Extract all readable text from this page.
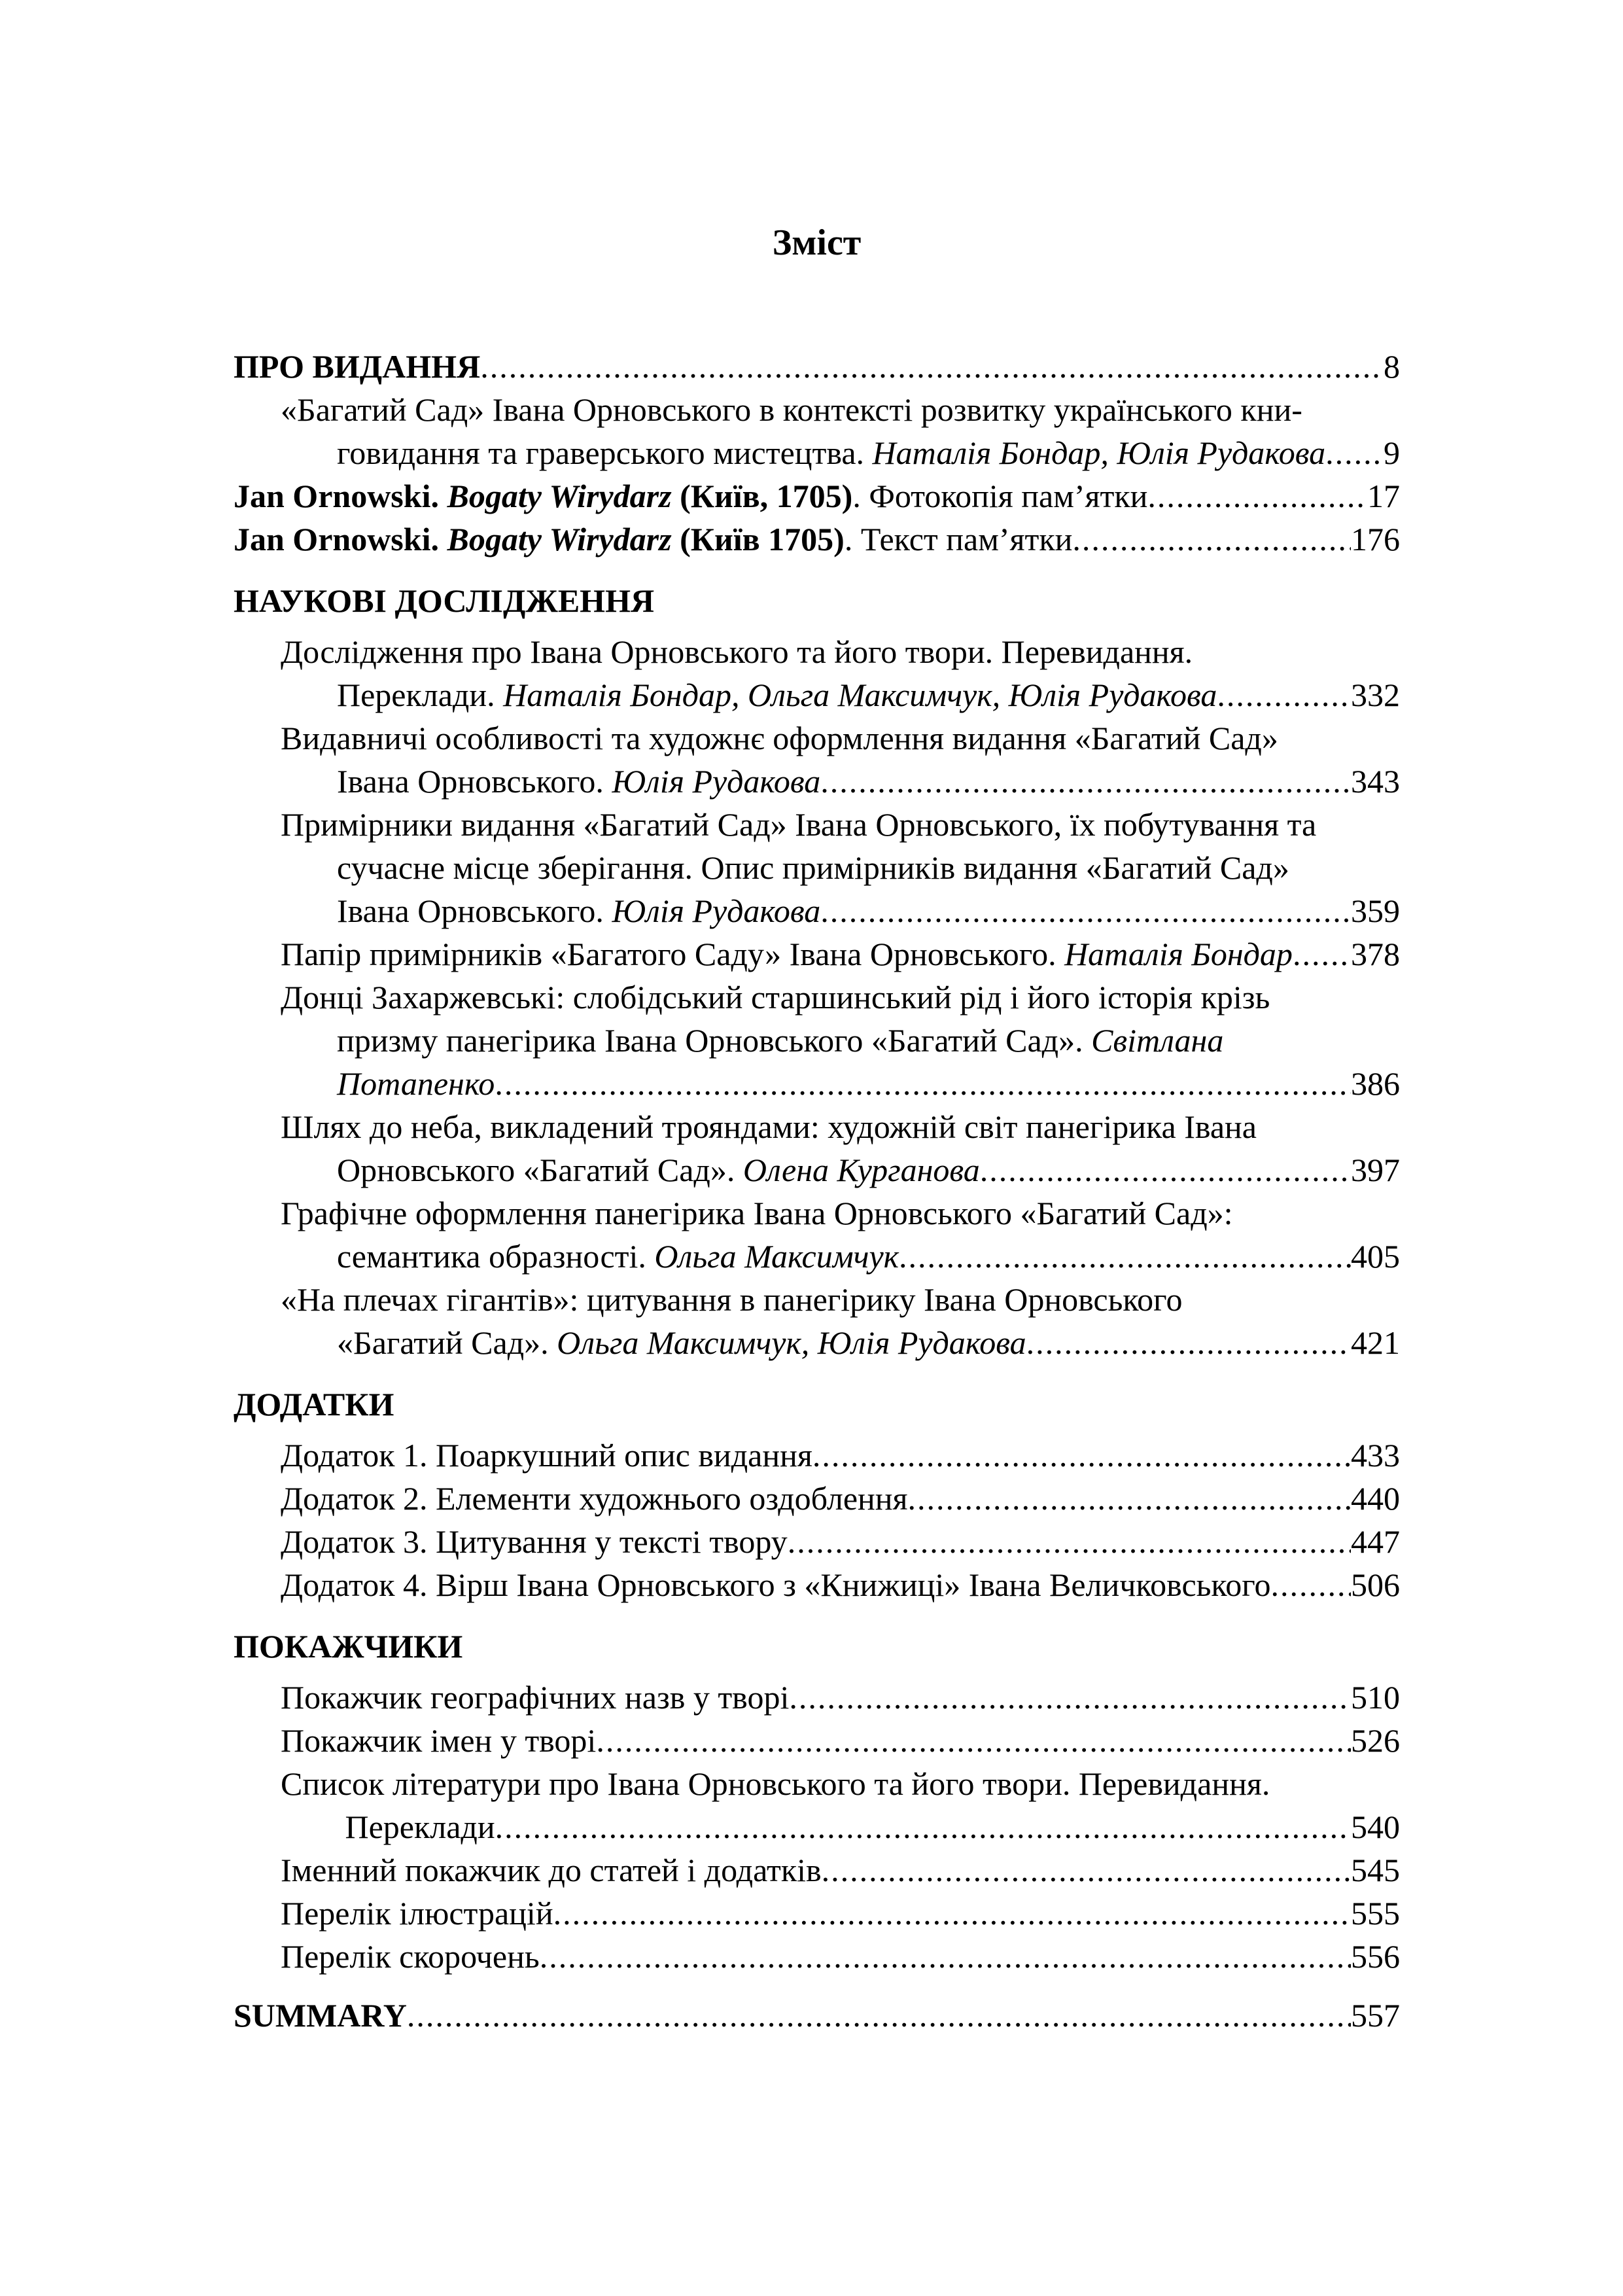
Зміст
ПРО ВИДАННЯ .....	8
«Багатий Сад» Івана Орновського в контексті розвитку українського кни-
говидання та граверського мистецтва. Наталія Бондар, Юлія Рудакова ..... 9
Jan Ornowski. Bogaty Wirydarz (Київ, 1705). Фотокопія пам’ятки .....	17
Jan Ornowski. Bogaty Wirydarz (Київ 1705). Текст пам’ятки .....	176
НАУКОВІ ДОСЛІДЖЕННЯ
Дослідження про Івана Орновського та його твори. Перевидання.
Переклади. Наталія Бондар, Ольга Максимчук, Юлія Рудакова .....	332
Видавничі особливості та художнє оформлення видання «Багатий Сад»
Івана Орновського. Юлія Рудакова .....	343
Примірники видання «Багатий Сад» Івана Орновського, їх побутування та
сучасне місце зберігання. Опис примірників видання «Багатий Сад»
Івана Орновського. Юлія Рудакова .....	359
Папір примірників «Багатого Саду» Івана Орновського. Наталія Бондар ..... 378
Донці Захаржевські: слобідський старшинський рід і його історія крізь
призму панегірика Івана Орновського «Багатий Сад». Світлана
Потапенко .....	386
Шлях до неба, викладений трояндами: художній світ панегірика Івана
Орновського «Багатий Сад». Олена Курганова .....	397
Графічне оформлення панегірика Івана Орновського «Багатий Сад»:
семантика образності. Ольга Максимчук .....	405
«На плечах гігантів»: цитування в панегірику Івана Орновського
«Багатий Сад». Ольга Максимчук, Юлія Рудакова .....	421
ДОДАТКИ
Додаток 1. Поаркушний опис видання .....	433
Додаток 2. Елементи художнього оздоблення .....	440
Додаток 3. Цитування у тексті твору .....	447
Додаток 4. Вірш Івана Орновського з «Книжиці» Івана Величковського ..... 506
ПОКАЖЧИКИ
Покажчик географічних назв у творі .....	510
Покажчик імен у творі .....	526
Список літератури про Івана Орновського та його твори. Перевидання.
Переклади .....	540
Іменний покажчик до статей і додатків .....	545
Перелік ілюстрацій .....	555
Перелік скорочень .....	556
SUMMARY .....	557
